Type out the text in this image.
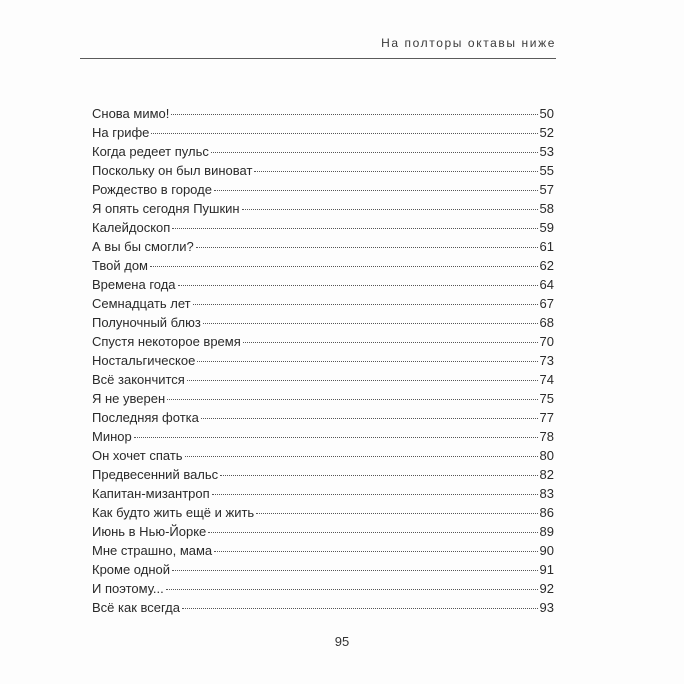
На полторы октавы ниже
Снова мимо!	50
На грифе	52
Когда редеет пульс	53
Поскольку он был виноват	55
Рождество в городе	57
Я опять сегодня Пушкин	58
Калейдоскоп	59
А вы бы смогли?	61
Твой дом	62
Времена года	64
Семнадцать лет	67
Полуночный блюз	68
Спустя некоторое время	70
Ностальгическое	73
Всё закончится	74
Я не уверен	75
Последняя фотка	77
Минор	78
Он хочет спать	80
Предвесенний вальс	82
Капитан-мизантроп	83
Как будто жить ещё и жить	86
Июнь в Нью-Йорке	89
Мне страшно, мама	90
Кроме одной	91
И поэтому...	92
Всё как всегда	93
95
